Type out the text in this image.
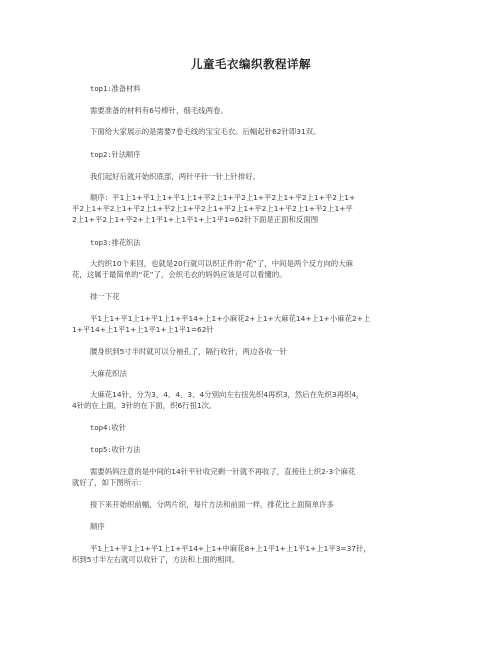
儿童毛衣编织教程详解
top1:准备材料
需要准备的材料有6号棒针，细毛线两卷。
下面给大家展示的是需要7卷毛线的宝宝毛衣。后幅起针62针即31双。
top2:针法顺序
我们起好后就开始织底部，两针平针一针上针排好。
顺序：平1上1+平1上1+平1上1+平2上1+平2上1+平2上1+平2上1+平2上1+
平2上1+平2上1+平2上1+平2上1+平2上1+平2上1+平2上1+平2上1+平2上1+平
2上1+平2上1+平2+上1平1+上1平1+上1平1=62针下面是正面和反面图
top3:排花织法
大约织10个来回，也就是20行就可以织正件的“花”了，中间是两个反方向的大麻
花，这属于最简单的“花”了，会织毛衣的妈妈应该是可以看懂的。
排一下花
平1上1+平1上1+平1上1+平14+上1+小麻花2+上1+大麻花14+上1+小麻花2+上
1+平14+上1平1+上1平1+上1平1=62针
腰身织到5寸半时就可以分袖孔了，隔行收针，两边各收一针
大麻花织法
大麻花14针，分为3、4、4、3、4分别向左右扭先织4再织3，然后在先织3再织4，
4针的在上面，3针的在下面，织6行扭1次。
top4:收针
top5:收针方法
需要妈妈注意的是中间的14针平针收完剩一针就不再收了，直接往上织2-3个麻花
就好了，如下图所示：
接下来开始织前幅，分两片织，每片方法和前面一样，排花比上面简单许多
顺序
平1上1+平1上1+平1上1+平14+上1+中麻花8+上1平1+上1平1+上1平3=37针，
织到5寸半左右就可以收针了，方法和上面的相同。
